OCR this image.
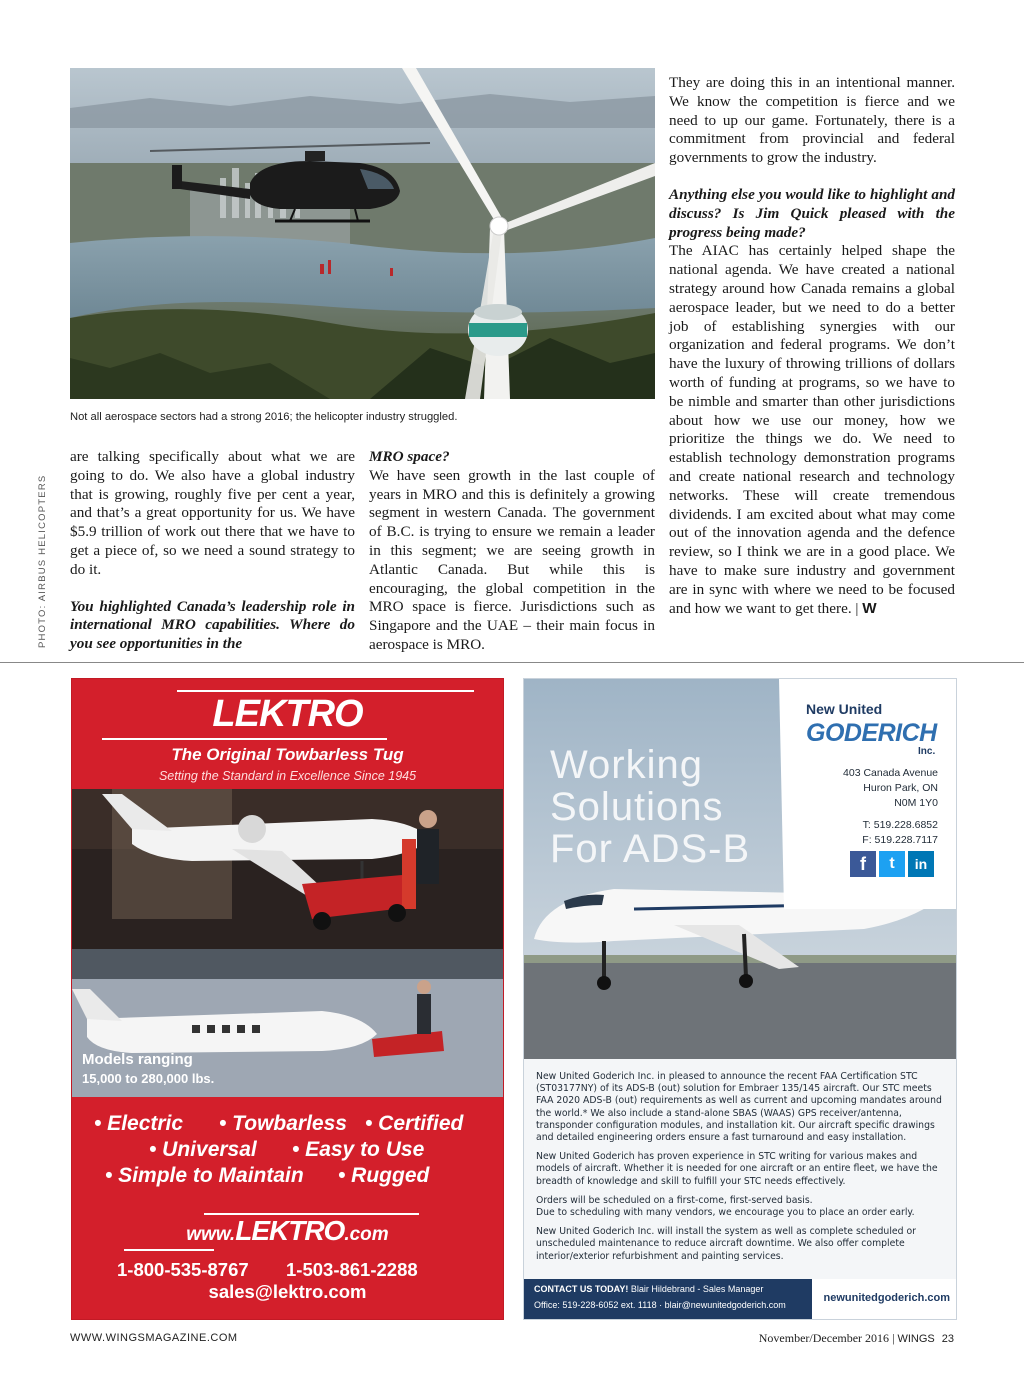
Not all aerospace sectors had a strong 2016; the helicopter industry struggled.
PHOTO: AIRBUS HELICOPTERS

are talking specifically about what we are going to do. We also have a global industry that is growing, roughly five per cent a year, and that’s a great opportunity for us. We have $5.9 trillion of work out there that we have to get a piece of, so we need a sound strategy to do it.

You highlighted Canada’s leadership role in international MRO capabilities. Where do you see opportunities in the

MRO space?

We have seen growth in the last couple of years in MRO and this is definitely a growing segment in western Canada. The government of B.C. is trying to ensure we remain a leader in this segment; we are seeing growth in Atlantic Canada. But while this is encouraging, the global competition in the MRO space is fierce. Jurisdictions such as Singapore and the UAE – their main focus in aerospace is MRO.

They are doing this in an intentional manner. We know the competition is fierce and we need to up our game. Fortunately, there is a commitment from provincial and federal governments to grow the industry.

Anything else you would like to highlight and discuss? Is Jim Quick pleased with the progress being made?

The AIAC has certainly helped shape the national agenda. We have created a national strategy around how Canada remains a global aerospace leader, but we need to do a better job of establishing synergies with our organization and federal programs. We don’t have the luxury of throwing trillions of dollars worth of funding at programs, so we have to be nimble and smarter than other jurisdictions about how we use our money, how we prioritize the things we do. We need to establish technology demonstration programs and create national research and technology networks. These will create tremendous dividends. I am excited about what may come out of the innovation agenda and the defence review, so I think we are in a good place. We have to make sure industry and government are in sync with where we need to be focused and how we want to get there. | W

LEKTRO
The Original Towbarless Tug
Setting the Standard in Excellence Since 1945
Models ranging
15,000 to 280,000 lbs.
• Electric • Towbarless • Certified
• Universal • Easy to Use
• Simple to Maintain • Rugged
www.LEKTRO.com
1-800-535-8767 1-503-861-2288
sales@lektro.com
Working
Solutions
For ADS-B
New United
GODERICH
Inc.
403 Canada Avenue
Huron Park, ON
N0M 1Y0
T: 519.228.6852
F: 519.228.7117
f	t	in

New United Goderich Inc. in pleased to announce the recent FAA Certification STC (ST03177NY) of its ADS-B (out) solution for Embraer 135/145 aircraft. Our STC meets FAA 2020 ADS-B (out) requirements as well as current and upcoming mandates around the world.* We also include a stand-alone SBAS (WAAS) GPS receiver/antenna, transponder configuration modules, and installation kit. Our aircraft specific drawings and detailed engineering orders ensure a fast turnaround and easy installation.

New United Goderich has proven experience in STC writing for various makes and models of aircraft. Whether it is needed for one aircraft or an entire fleet, we have the breadth of knowledge and skill to fulfill your STC needs effectively.

Orders will be scheduled on a first-come, first-served basis.
Due to scheduling with many vendors, we encourage you to place an order early.

New United Goderich Inc. will install the system as well as complete scheduled or unscheduled maintenance to reduce aircraft downtime. We also offer complete interior/exterior refurbishment and painting services.

CONTACT US TODAY! Blair Hildebrand - Sales Manager
Office: 519-228-6052 ext. 1118 · blair@newunitedgoderich.com
newunitedgoderich.com
WWW.WINGSMAGAZINE.COM	November/December 2016 | WINGS 23
